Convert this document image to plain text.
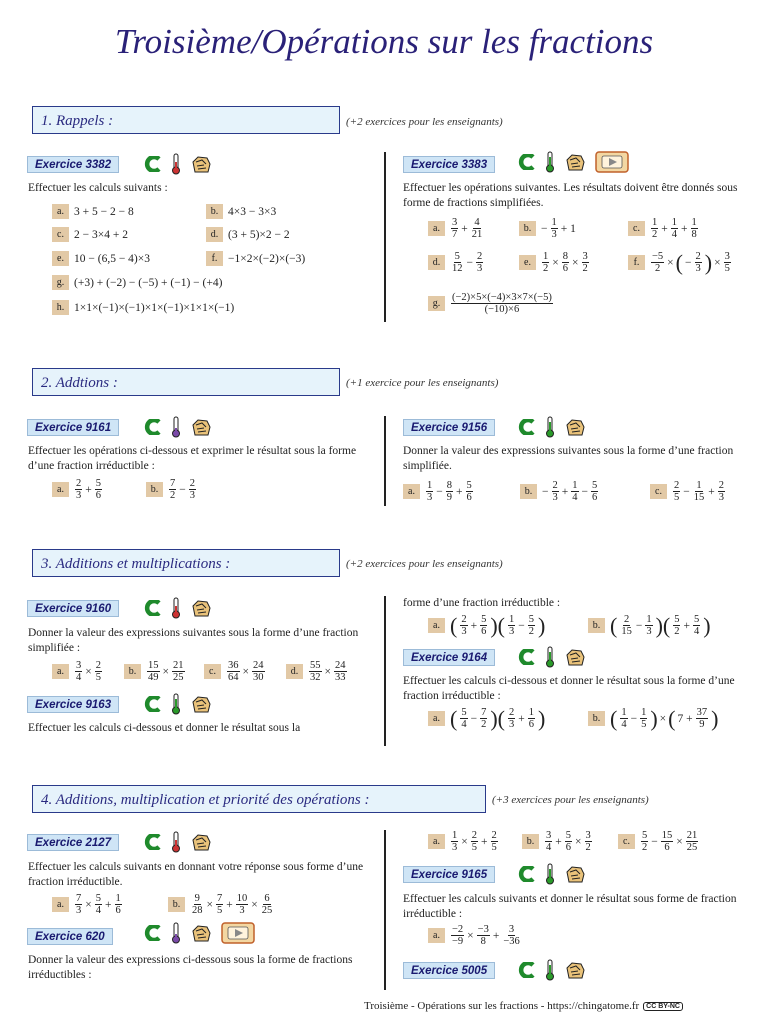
Troisième/Opérations sur les fractions
1. Rappels :	(+2 exercices pour les enseignants)
Exercice 3382
Effectuer les calculs suivants :
a. 3 + 5 − 2 − 8	b. 4×3 − 3×3
c. 2 − 3×4 + 2	d. (3 + 5)×2 − 2
e. 10 − (6,5 − 4)×3	f. −1×2×(−2)×(−3)
g. (+3) + (−2) − (−5) + (−1) − (+4)
h. 1×1×(−1)×(−1)×1×(−1)×1×1×(−1)
Exercice 3383
Effectuer les opérations suivantes. Les résultats doivent être donnés sous forme de fractions simplifiées.
a.	$\frac{3}{7} + \frac{4}{21}$	b. − $\frac{1}{3} + 1$	c.	$\frac{1}{2} + \frac{1}{4} + \frac{1}{8}$
d.	$\frac{5}{12} - \frac{2}{3}$	e.	$\frac{1}{2} \times \frac{8}{6} \times \frac{3}{2}$	f.	$\frac{-5}{2}$ × ( − $\frac{2}{3}$ ) × $\frac{3}{5}$
g.	$\frac{(-2)\times 5\times(-4)\times 3\times 7\times(-5)}{(-10)\times 6}$
2. Addtions :	(+1 exercice pour les enseignants)
Exercice 9161
Effectuer les opérations ci-dessous et exprimer le résultat sous la forme d’une fraction irréductible :
a.	$\frac{2}{3} + \frac{5}{6}$	b.	$\frac{7}{2} - \frac{2}{3}$
Exercice 9156
Donner la valeur des expressions suivantes sous la forme d’une fraction simplifiée.
a.	$\frac{1}{3} - \frac{8}{9} + \frac{5}{6}$	b. − $\frac{2}{3} + \frac{1}{4} - \frac{5}{6}$	c.	$\frac{2}{5} - \frac{1}{15} + \frac{2}{3}$
3. Additions et multiplications :	(+2 exercices pour les enseignants)
Exercice 9160
Donner la valeur des expressions suivantes sous la forme d’une fraction simplifiée :
a.	$\frac{3}{4} \times \frac{2}{5}$	b.	$\frac{15}{49} \times \frac{21}{25}$	c.	$\frac{36}{64} \times \frac{24}{30}$	d.	$\frac{55}{32} \times \frac{24}{33}$
Exercice 9163
Effectuer les calculs ci-dessous et donner le résultat sous la
forme d’une fraction irréductible :
a. ( $\frac{2}{3} + \frac{5}{6}$ )( $\frac{1}{3} - \frac{5}{2}$ )	b. ( $\frac{2}{15} - \frac{1}{3}$ )( $\frac{5}{2} + \frac{5}{4}$ )
Exercice 9164
Effectuer les calculs ci-dessous et donner le résultat sous la forme d’une fraction irréductible :
a. ( $\frac{5}{4} - \frac{7}{2}$ )( $\frac{2}{3} + \frac{1}{6}$ )	b. ( $\frac{1}{4} - \frac{1}{5}$ ) × ( $7 + \frac{37}{9}$ )
4. Additions, multiplication et priorité des opérations :	(+3 exercices pour les enseignants)
Exercice 2127
Effectuer les calculs suivants en donnant votre réponse sous forme d’une fraction irréductible.
a.	$\frac{7}{3} \times \frac{5}{4} + \frac{1}{6}$	b.	$\frac{9}{28} \times \frac{7}{5} + \frac{10}{3} \times \frac{6}{25}$
Exercice 620
Donner la valeur des expressions ci-dessous sous la forme de fractions irréductibles :
a.	$\frac{1}{3} \times \frac{2}{5} + \frac{2}{5}$	b.	$\frac{3}{4} + \frac{5}{6} \times \frac{3}{2}$	c.	$\frac{5}{2} - \frac{15}{6} \times \frac{21}{25}$
Exercice 9165
Effectuer les calculs suivants et donner le résultat sous forme de fraction irréductible :
a.	$\frac{-2}{-9} \times \frac{-3}{8} + \frac{3}{-36}$
Exercice 5005
Troisième - Opérations sur les fractions - https://chingatome.fr CC BY-NC
